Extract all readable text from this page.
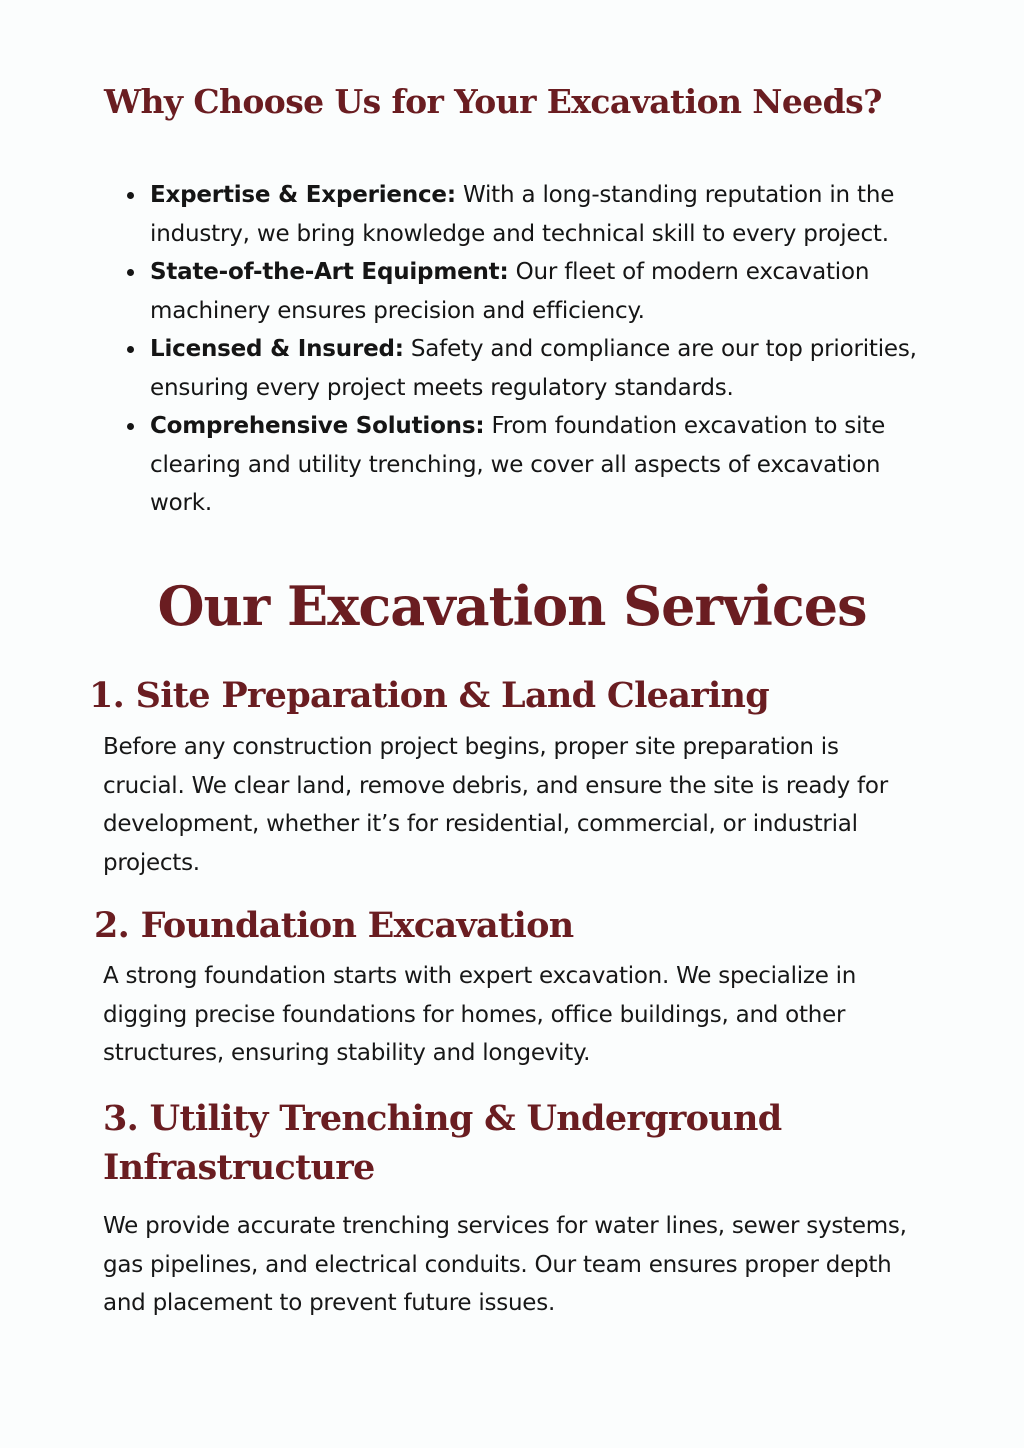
Why Choose Us for Your Excavation Needs?
Expertise & Experience: With a long-standing reputation in the industry, we bring knowledge and technical skill to every project.
State-of-the-Art Equipment: Our fleet of modern excavation machinery ensures precision and efficiency.
Licensed & Insured: Safety and compliance are our top priorities, ensuring every project meets regulatory standards.
Comprehensive Solutions: From foundation excavation to site clearing and utility trenching, we cover all aspects of excavation work.
Our Excavation Services
1. Site Preparation & Land Clearing

Before any construction project begins, proper site preparation is crucial. We clear land, remove debris, and ensure the site is ready for development, whether it’s for residential, commercial, or industrial projects.

2. Foundation Excavation

A strong foundation starts with expert excavation. We specialize in digging precise foundations for homes, office buildings, and other structures, ensuring stability and longevity.

3. Utility Trenching & Underground Infrastructure

We provide accurate trenching services for water lines, sewer systems, gas pipelines, and electrical conduits. Our team ensures proper depth and placement to prevent future issues.
